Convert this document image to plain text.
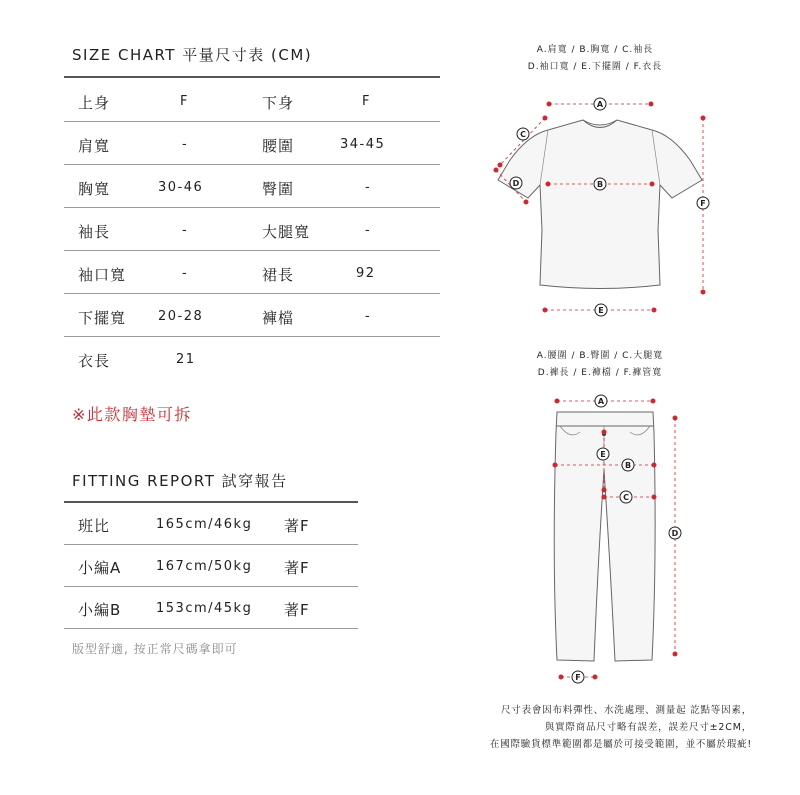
SIZE CHART 平量尺寸表 (CM)
上身	F	下身	F
肩寬	-	腰圍	34-45
胸寬	30-46	臀圍	-
袖長	-	大腿寬	-
袖口寬	-	裙長	92
下擺寬 20-28	褲檔	-
衣長	21
※此款胸墊可拆
FITTING REPORT 試穿報告
班比	165cm/46kg 著F
小編A	167cm/50kg 著F
小編B	153cm/45kg 著F
版型舒適, 按正常尺碼拿即可
A.肩寬 / B.胸寬 / C.袖長
D.袖口寬 / E.下擺圍 / F.衣長
A.腰圍 / B.臀圍 / C.大腿寬
D.褲長 / E.褲檔 / F.褲管寬
A
B
C
D
E
F
A
B
C
D
E
F
尺寸表會因布料彈性、水洗處理、測量起 訖點等因素，
與實際商品尺寸略有誤差，誤差尺寸±2CM，
在國際驗貨標準範圍都是屬於可接受範圍，並不屬於瑕疵!
